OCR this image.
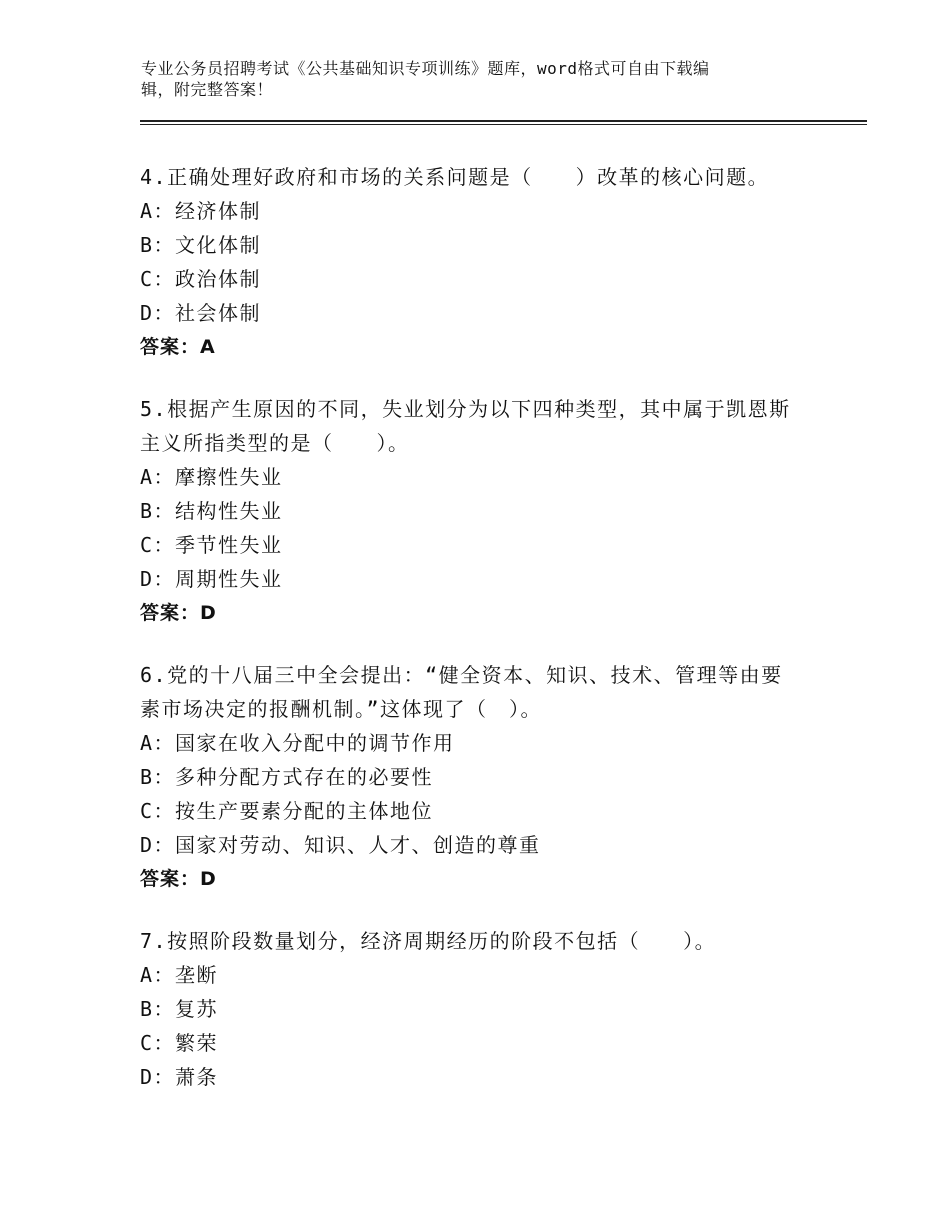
专业公务员招聘考试《公共基础知识专项训练》题库，word格式可自由下载编
辑，附完整答案！
4.正确处理好政府和市场的关系问题是（　　）改革的核心问题。
A：经济体制
B：文化体制
C：政治体制
D：社会体制
答案：A
5.根据产生原因的不同，失业划分为以下四种类型，其中属于凯恩斯
主义所指类型的是（　　）。
A：摩擦性失业
B：结构性失业
C：季节性失业
D：周期性失业
答案：D
6.党的十八届三中全会提出：“健全资本、知识、技术、管理等由要
素市场决定的报酬机制。”这体现了（　）。
A：国家在收入分配中的调节作用
B：多种分配方式存在的必要性
C：按生产要素分配的主体地位
D：国家对劳动、知识、人才、创造的尊重
答案：D
7.按照阶段数量划分，经济周期经历的阶段不包括（　　）。
A：垄断
B：复苏
C：繁荣
D：萧条
